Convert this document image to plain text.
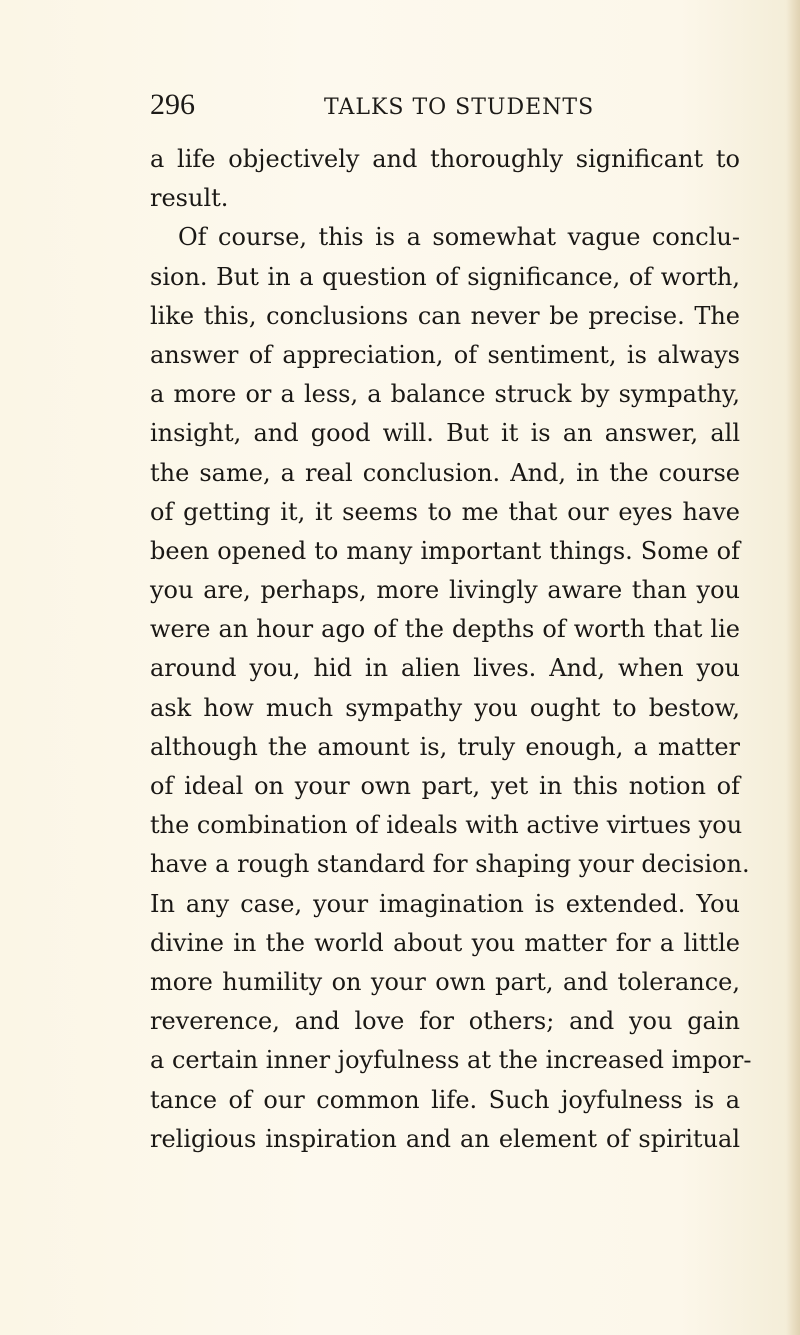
296	TALKS TO STUDENTS
a life objectively and thoroughly significant to
result.
Of course, this is a somewhat vague conclu-
sion. But in a question of significance, of worth,
like this, conclusions can never be precise. The
answer of appreciation, of sentiment, is always
a more or a less, a balance struck by sympathy,
insight, and good will. But it is an answer, all
the same, a real conclusion. And, in the course
of getting it, it seems to me that our eyes have
been opened to many important things. Some of
you are, perhaps, more livingly aware than you
were an hour ago of the depths of worth that lie
around you, hid in alien lives. And, when you
ask how much sympathy you ought to bestow,
although the amount is, truly enough, a matter
of ideal on your own part, yet in this notion of
the combination of ideals with active virtues you
have a rough standard for shaping your decision.
In any case, your imagination is extended. You
divine in the world about you matter for a little
more humility on your own part, and tolerance,
reverence, and love for others; and you gain
a certain inner joyfulness at the increased impor-
tance of our common life. Such joyfulness is a
religious inspiration and an element of spiritual
